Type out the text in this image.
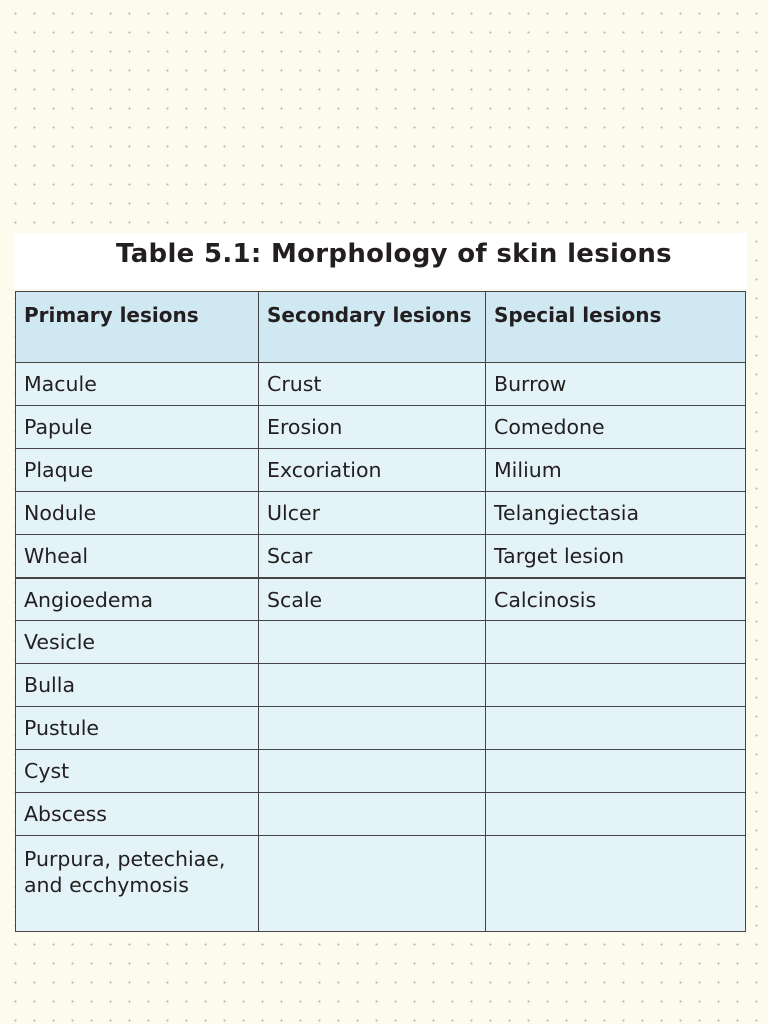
Table 5.1: Morphology of skin lesions
Primary lesions	Secondary lesions	Special lesions
Macule	Crust	Burrow
Papule	Erosion	Comedone
Plaque	Excoriation	Milium
Nodule	Ulcer	Telangiectasia
Wheal	Scar	Target lesion
Angioedema	Scale	Calcinosis
Vesicle		
Bulla		
Pustule		
Cyst		
Abscess		
Purpura, petechiae, and ecchymosis		
